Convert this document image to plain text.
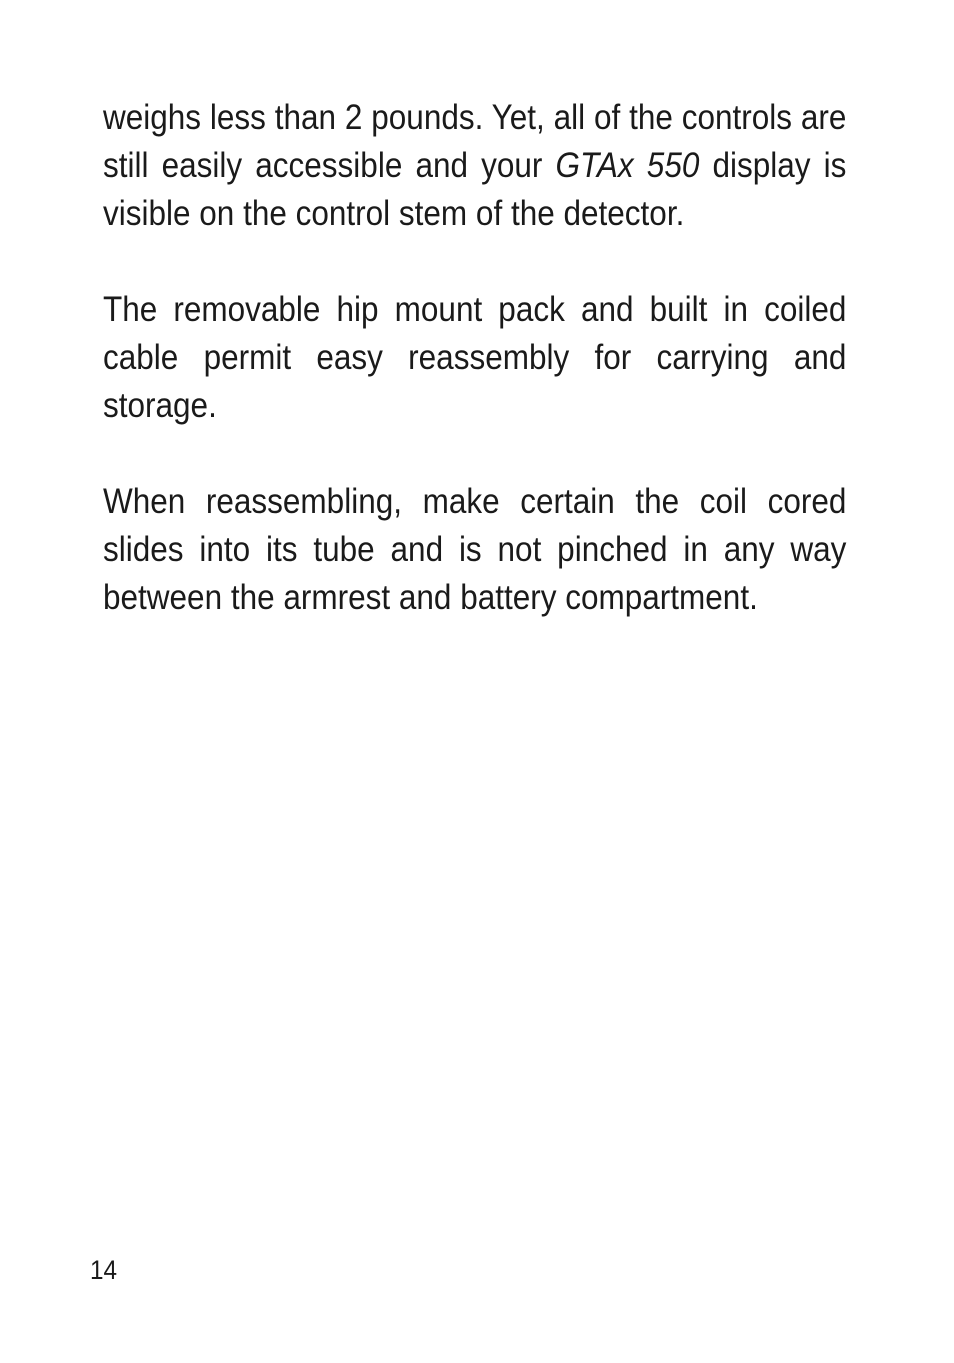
weighs less than 2 pounds. Yet, all of the controls are still easily accessible and your GTAx 550 display is visible on the control stem of the detector.

The removable hip mount pack and built in coiled cable permit easy reassembly for carrying and storage.

When reassembling, make certain the coil cored slides into its tube and is not pinched in any way between the armrest and battery compartment.

14
